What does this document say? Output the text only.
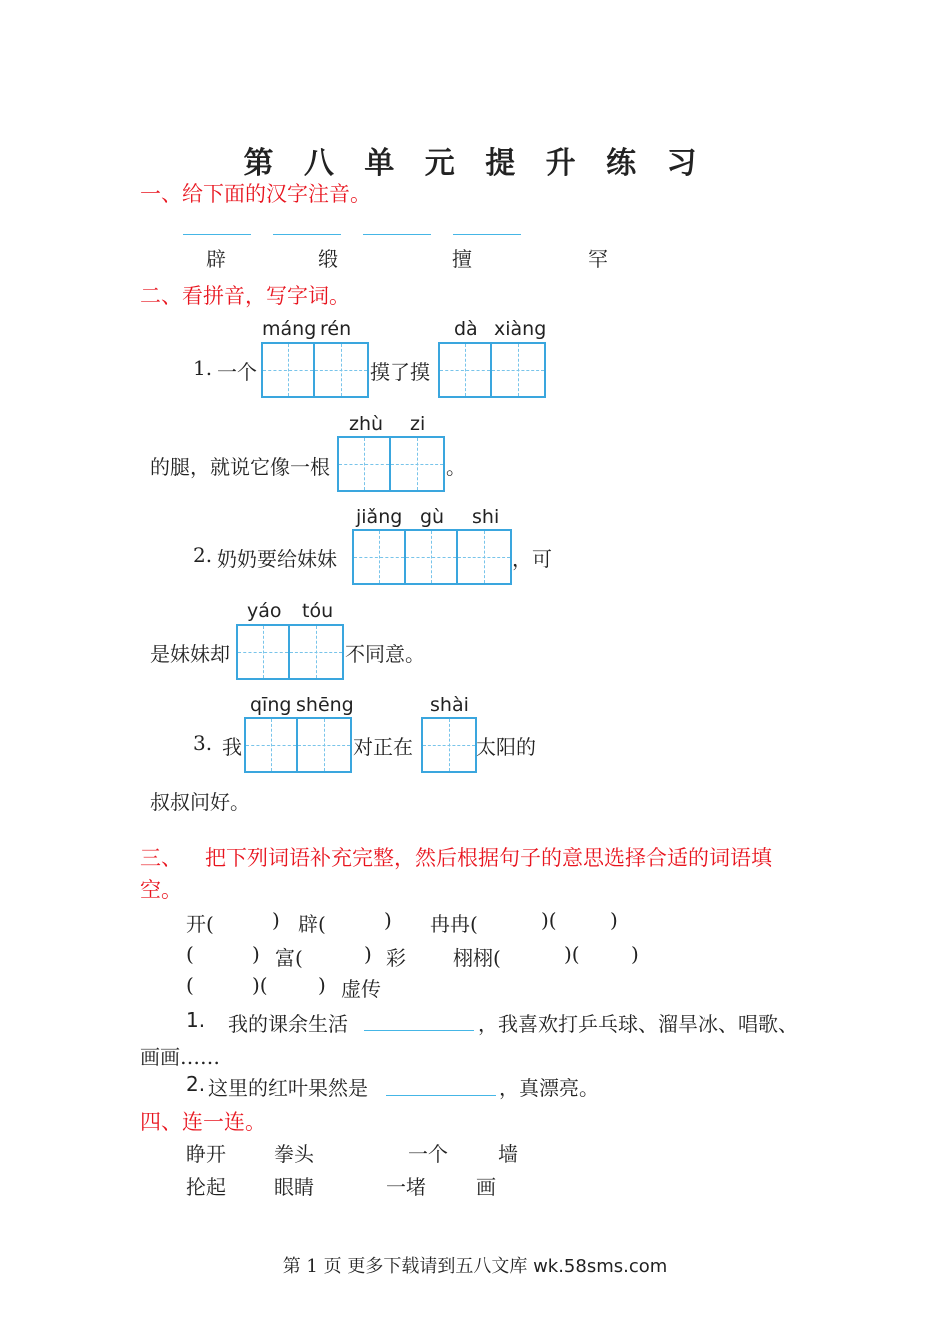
第 八 单 元 提 升 练 习
一、给下面的汉字注音。
辟	缎	擅	罕
二、看拼音，写字词。
máng rén
1. 一个	摸了摸
dà xiàng
的腿，就说它像一根
zhù zi
。
2. 奶奶要给妹妹
jiǎng gù shi
，可
是妹妹却
yáo tóu
不同意。
3. 我
qīng shēng
对正在
shài
太阳的
叔叔问好。
三、 把下列词语补充完整，然后根据句子的意思选择合适的词语填
空。
开(	) 辟(	) 冉冉(	)(	)
(	) 富(	) 彩 栩栩(	)(	)
(	)(	) 虚传
1. 我的课余生活	，我喜欢打乒乓球、溜旱冰、唱歌、
画画……
2. 这里的红叶果然是	，真漂亮。
四、连一连。
睁开 拳头	一个	墙
抡起 眼睛	一堵	画
第 1 页 更多下载请到五八文库 wk.58sms.com
